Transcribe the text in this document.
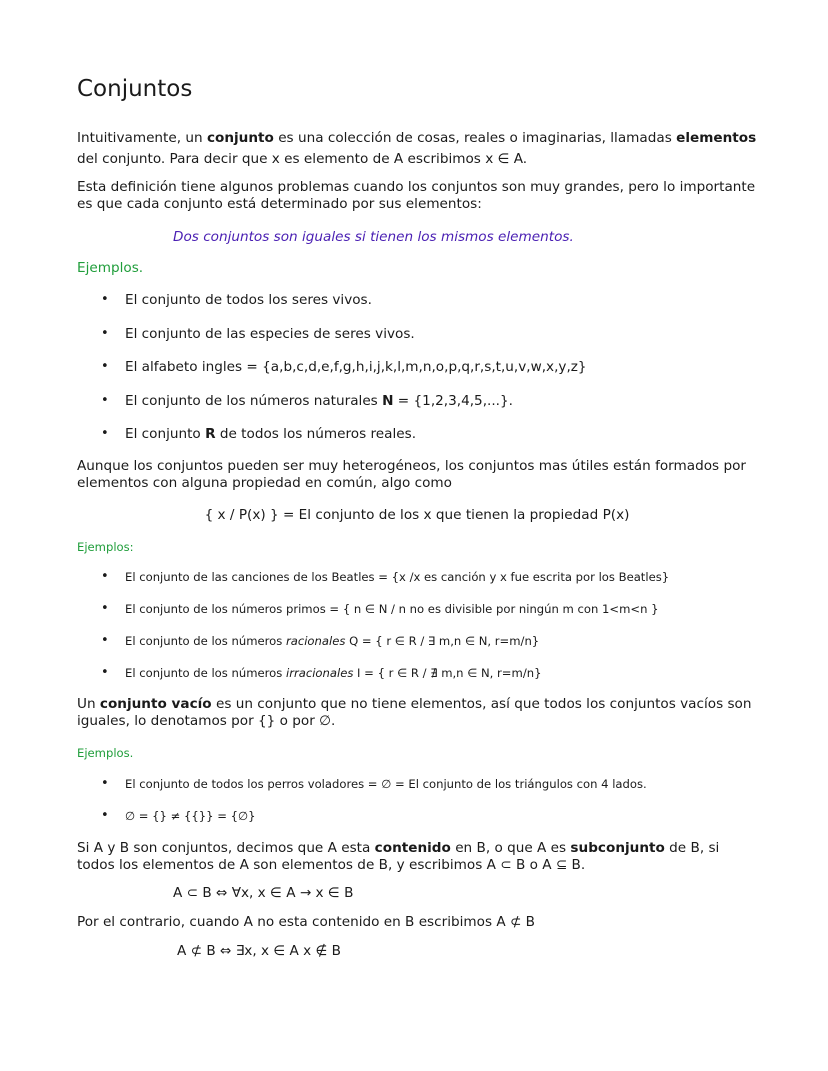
Conjuntos

Intuitivamente, un conjunto es una colección de cosas, reales o imaginarias, llamadas elementos del conjunto. Para decir que x es elemento de A escribimos x ∈ A.

Esta definición tiene algunos problemas cuando los conjuntos son muy grandes, pero lo importante es que cada conjunto está determinado por sus elementos:

Dos conjuntos son iguales si tienen los mismos elementos.

Ejemplos.

• El conjunto de todos los seres vivos.
• El conjunto de las especies de seres vivos.
• El alfabeto ingles = {a,b,c,d,e,f,g,h,i,j,k,l,m,n,o,p,q,r,s,t,u,v,w,x,y,z}
• El conjunto de los números naturales N = {1,2,3,4,5,...}.
• El conjunto R de todos los números reales.

Aunque los conjuntos pueden ser muy heterogéneos, los conjuntos mas útiles están formados por elementos con alguna propiedad en común, algo como

{ x / P(x) } = El conjunto de los x que tienen la propiedad P(x)

Ejemplos:

• El conjunto de las canciones de los Beatles = {x /x es canción y x fue escrita por los Beatles}
• El conjunto de los números primos = { n ∈ N / n no es divisible por ningún m con 1<m<n }
• El conjunto de los números racionales Q = { r ∈ R / ∃ m,n ∈ N, r=m/n}
• El conjunto de los números irracionales I = { r ∈ R / ∄ m,n ∈ N, r=m/n}

Un conjunto vacío es un conjunto que no tiene elementos, así que todos los conjuntos vacíos son iguales, lo denotamos por {} o por ∅.

Ejemplos.

• El conjunto de todos los perros voladores = ∅ = El conjunto de los triángulos con 4 lados.
• ∅ = {} ≠ {{}} = {∅}

Si A y B son conjuntos, decimos que A esta contenido en B, o que A es subconjunto de B, si todos los elementos de A son elementos de B, y escribimos A ⊂ B o A ⊆ B.

A ⊂ B ⇔ ∀x, x ∈ A → x ∈ B

Por el contrario, cuando A no esta contenido en B escribimos A ⊄ B

A ⊄ B ⇔ ∃x, x ∈ A x ∉ B
